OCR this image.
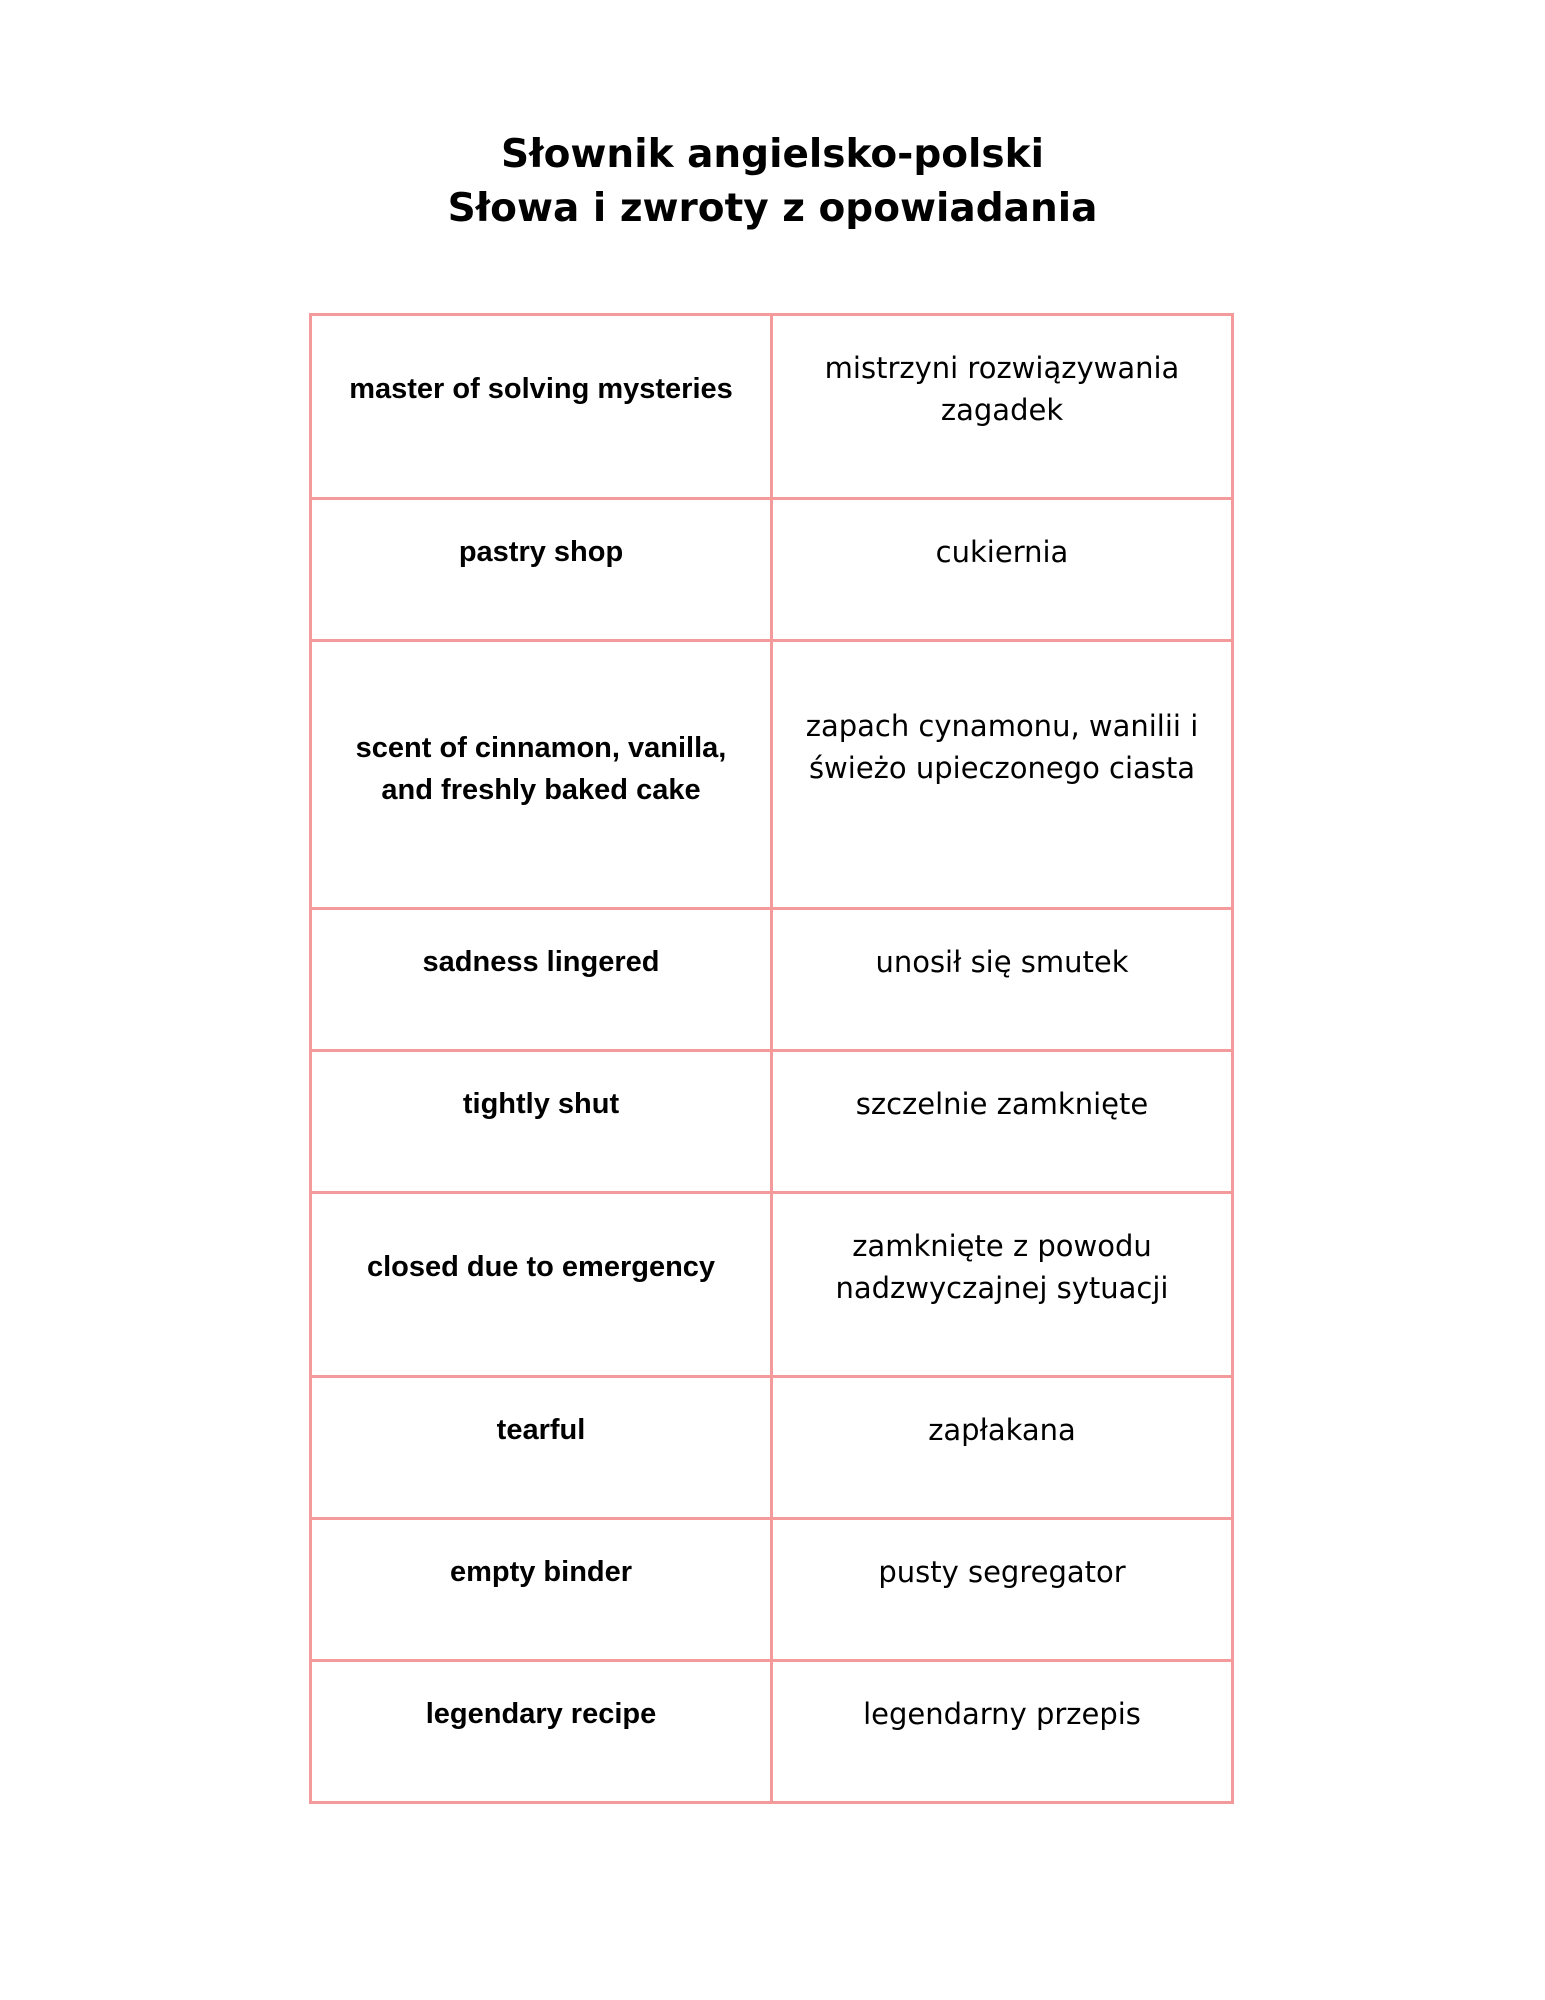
Słownik angielsko-polski
Słowa i zwroty z opowiadania
master of solving mysteries	mistrzyni rozwiązywania zagadek

pastry shop	cukiernia

scent of cinnamon, vanilla, and freshly baked cake	zapach cynamonu, wanilii i świeżo upieczonego ciasta

sadness lingered	unosił się smutek

tightly shut	szczelnie zamknięte

closed due to emergency	zamknięte z powodu nadzwyczajnej sytuacji

tearful	zapłakana

empty binder	pusty segregator

legendary recipe	legendarny przepis
